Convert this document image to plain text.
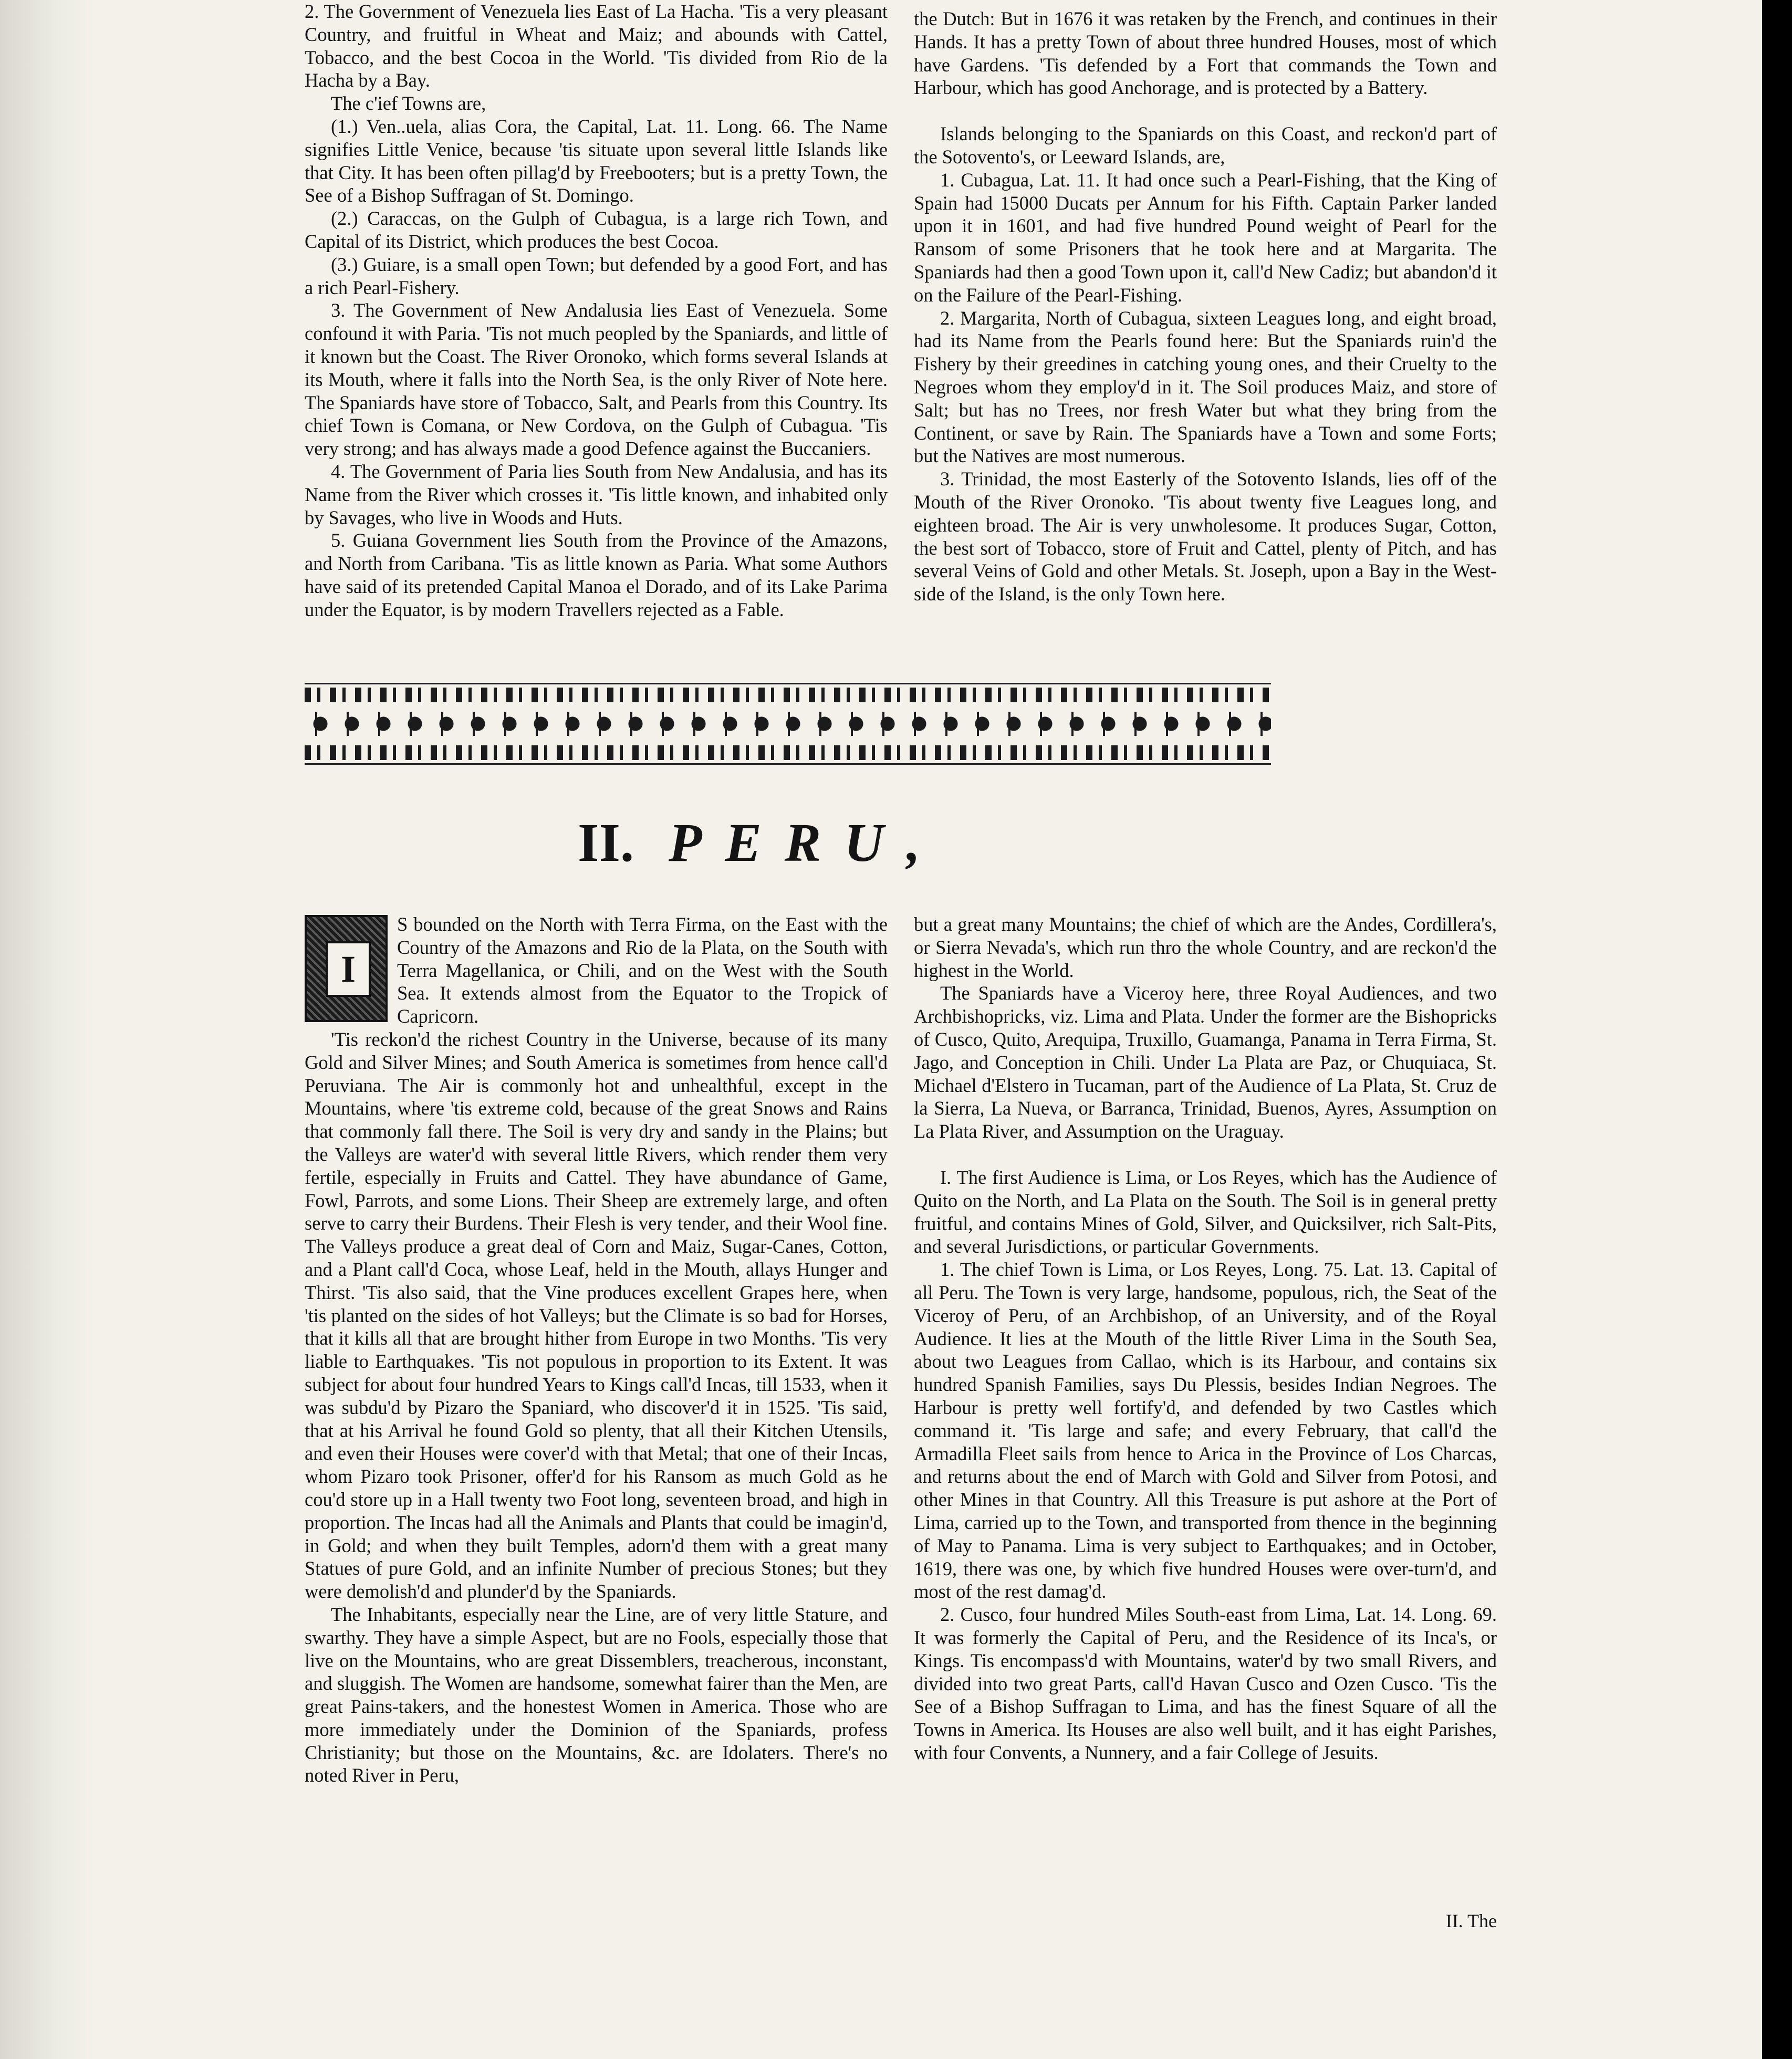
2. The Government of Venezuela lies East of La Hacha. 'Tis a very pleasant Country, and fruitful in Wheat and Maiz; and abounds with Cattel, Tobacco, and the best Cocoa in the World. 'Tis divided from Rio de la Hacha by a Bay.

The c'ief Towns are,

(1.) Ven..uela, alias Cora, the Capital, Lat. 11. Long. 66. The Name signifies Little Venice, because 'tis situate upon several little Islands like that City. It has been often pillag'd by Freebooters; but is a pretty Town, the See of a Bishop Suffragan of St. Domingo.

(2.) Caraccas, on the Gulph of Cubagua, is a large rich Town, and Capital of its District, which produces the best Cocoa.

(3.) Guiare, is a small open Town; but defended by a good Fort, and has a rich Pearl-Fishery.

3. The Government of New Andalusia lies East of Venezuela. Some confound it with Paria. 'Tis not much peopled by the Spaniards, and little of it known but the Coast. The River Oronoko, which forms several Islands at its Mouth, where it falls into the North Sea, is the only River of Note here. The Spaniards have store of Tobacco, Salt, and Pearls from this Country. Its chief Town is Comana, or New Cordova, on the Gulph of Cubagua. 'Tis very strong; and has always made a good Defence against the Buccaniers.

4. The Government of Paria lies South from New Andalusia, and has its Name from the River which crosses it. 'Tis little known, and inhabited only by Savages, who live in Woods and Huts.

5. Guiana Government lies South from the Province of the Amazons, and North from Caribana. 'Tis as little known as Paria. What some Authors have said of its pretended Capital Manoa el Dorado, and of its Lake Parima under the Equator, is by modern Travellers rejected as a Fable.

the Dutch: But in 1676 it was retaken by the French, and continues in their Hands. It has a pretty Town of about three hundred Houses, most of which have Gardens. 'Tis defended by a Fort that commands the Town and Harbour, which has good Anchorage, and is protected by a Battery.

Islands belonging to the Spaniards on this Coast, and reckon'd part of the Sotovento's, or Leeward Islands, are,

1. Cubagua, Lat. 11. It had once such a Pearl-Fishing, that the King of Spain had 15000 Ducats per Annum for his Fifth. Captain Parker landed upon it in 1601, and had five hundred Pound weight of Pearl for the Ransom of some Prisoners that he took here and at Margarita. The Spaniards had then a good Town upon it, call'd New Cadiz; but abandon'd it on the Failure of the Pearl-Fishing.

2. Margarita, North of Cubagua, sixteen Leagues long, and eight broad, had its Name from the Pearls found here: But the Spaniards ruin'd the Fishery by their greedines in catching young ones, and their Cruelty to the Negroes whom they employ'd in it. The Soil produces Maiz, and store of Salt; but has no Trees, nor fresh Water but what they bring from the Continent, or save by Rain. The Spaniards have a Town and some Forts; but the Natives are most numerous.

3. Trinidad, the most Easterly of the Sotovento Islands, lies off of the Mouth of the River Oronoko. 'Tis about twenty five Leagues long, and eighteen broad. The Air is very unwholesome. It produces Sugar, Cotton, the best sort of Tobacco, store of Fruit and Cattel, plenty of Pitch, and has several Veins of Gold and other Metals. St. Joseph, upon a Bay in the West-side of the Island, is the only Town here.

II. PERU,
I

S bounded on the North with Terra Firma, on the East with the Country of the Amazons and Rio de la Plata, on the South with Terra Magellanica, or Chili, and on the West with the South Sea. It extends almost from the Equator to the Tropick of Capricorn.

'Tis reckon'd the richest Country in the Universe, because of its many Gold and Silver Mines; and South America is sometimes from hence call'd Peruviana. The Air is commonly hot and unhealthful, except in the Mountains, where 'tis extreme cold, because of the great Snows and Rains that commonly fall there. The Soil is very dry and sandy in the Plains; but the Valleys are water'd with several little Rivers, which render them very fertile, especially in Fruits and Cattel. They have abundance of Game, Fowl, Parrots, and some Lions. Their Sheep are extremely large, and often serve to carry their Burdens. Their Flesh is very tender, and their Wool fine. The Valleys produce a great deal of Corn and Maiz, Sugar-Canes, Cotton, and a Plant call'd Coca, whose Leaf, held in the Mouth, allays Hunger and Thirst. 'Tis also said, that the Vine produces excellent Grapes here, when 'tis planted on the sides of hot Valleys; but the Climate is so bad for Horses, that it kills all that are brought hither from Europe in two Months. 'Tis very liable to Earthquakes. 'Tis not populous in proportion to its Extent. It was subject for about four hundred Years to Kings call'd Incas, till 1533, when it was subdu'd by Pizaro the Spaniard, who discover'd it in 1525. 'Tis said, that at his Arrival he found Gold so plenty, that all their Kitchen Utensils, and even their Houses were cover'd with that Metal; that one of their Incas, whom Pizaro took Prisoner, offer'd for his Ransom as much Gold as he cou'd store up in a Hall twenty two Foot long, seventeen broad, and high in proportion. The Incas had all the Animals and Plants that could be imagin'd, in Gold; and when they built Temples, adorn'd them with a great many Statues of pure Gold, and an infinite Number of precious Stones; but they were demolish'd and plunder'd by the Spaniards.

The Inhabitants, especially near the Line, are of very little Stature, and swarthy. They have a simple Aspect, but are no Fools, especially those that live on the Mountains, who are great Dissemblers, treacherous, inconstant, and sluggish. The Women are handsome, somewhat fairer than the Men, are great Pains-takers, and the honestest Women in America. Those who are more immediately under the Dominion of the Spaniards, profess Christianity; but those on the Mountains, &c. are Idolaters. There's no noted River in Peru,

but a great many Mountains; the chief of which are the Andes, Cordillera's, or Sierra Nevada's, which run thro the whole Country, and are reckon'd the highest in the World.

The Spaniards have a Viceroy here, three Royal Audiences, and two Archbishopricks, viz. Lima and Plata. Under the former are the Bishopricks of Cusco, Quito, Arequipa, Truxillo, Guamanga, Panama in Terra Firma, St. Jago, and Conception in Chili. Under La Plata are Paz, or Chuquiaca, St. Michael d'Elstero in Tucaman, part of the Audience of La Plata, St. Cruz de la Sierra, La Nueva, or Barranca, Trinidad, Buenos, Ayres, Assumption on La Plata River, and Assumption on the Uraguay.

I. The first Audience is Lima, or Los Reyes, which has the Audience of Quito on the North, and La Plata on the South. The Soil is in general pretty fruitful, and contains Mines of Gold, Silver, and Quicksilver, rich Salt-Pits, and several Jurisdictions, or particular Governments.

1. The chief Town is Lima, or Los Reyes, Long. 75. Lat. 13. Capital of all Peru. The Town is very large, handsome, populous, rich, the Seat of the Viceroy of Peru, of an Archbishop, of an University, and of the Royal Audience. It lies at the Mouth of the little River Lima in the South Sea, about two Leagues from Callao, which is its Harbour, and contains six hundred Spanish Families, says Du Plessis, besides Indian Negroes. The Harbour is pretty well fortify'd, and defended by two Castles which command it. 'Tis large and safe; and every February, that call'd the Armadilla Fleet sails from hence to Arica in the Province of Los Charcas, and returns about the end of March with Gold and Silver from Potosi, and other Mines in that Country. All this Treasure is put ashore at the Port of Lima, carried up to the Town, and transported from thence in the beginning of May to Panama. Lima is very subject to Earthquakes; and in October, 1619, there was one, by which five hundred Houses were over-turn'd, and most of the rest damag'd.

2. Cusco, four hundred Miles South-east from Lima, Lat. 14. Long. 69. It was formerly the Capital of Peru, and the Residence of its Inca's, or Kings. Tis encompass'd with Mountains, water'd by two small Rivers, and divided into two great Parts, call'd Havan Cusco and Ozen Cusco. 'Tis the See of a Bishop Suffragan to Lima, and has the finest Square of all the Towns in America. Its Houses are also well built, and it has eight Parishes, with four Convents, a Nunnery, and a fair College of Jesuits.

II. The
